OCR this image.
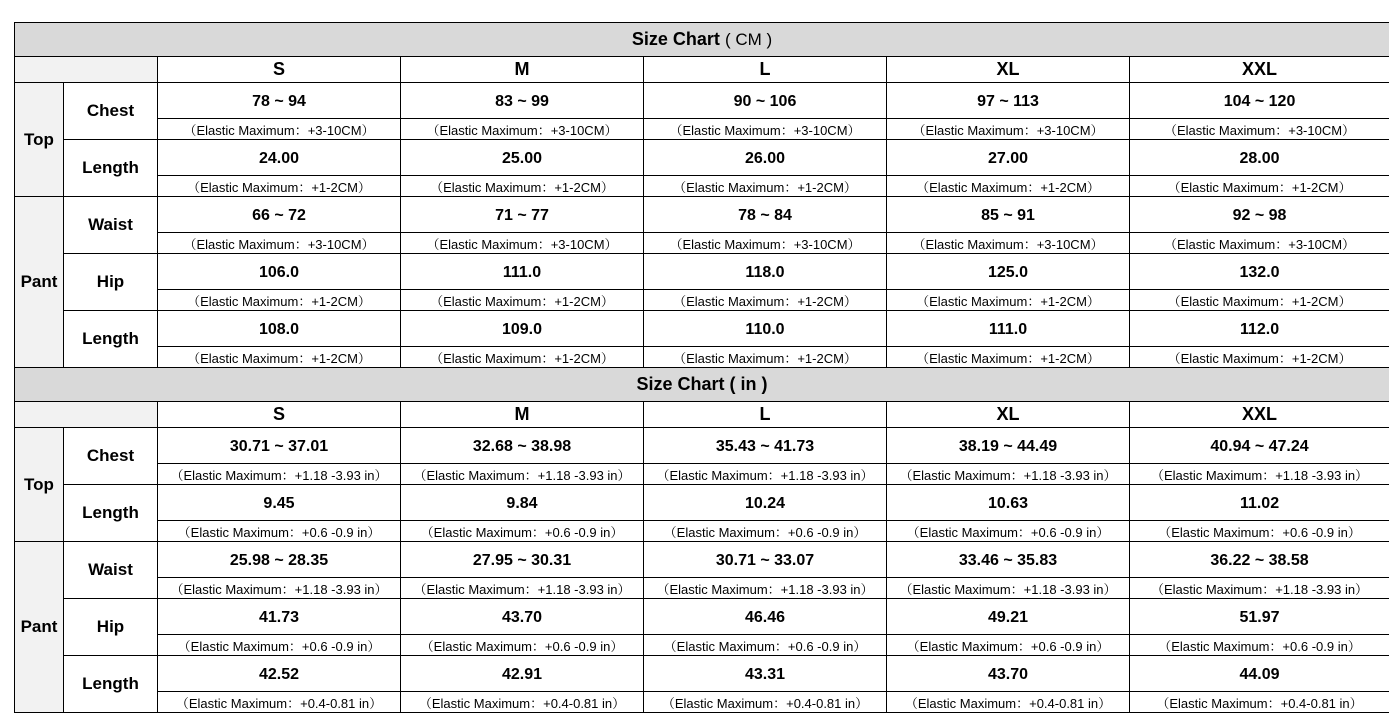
Size Chart ( CM )						
		S	M	L	XL	XXL
Top	Chest	78 ~ 94	83 ~ 99	90 ~ 106	97 ~ 113	104 ~ 120
		（Elastic Maximum：+3-10CM）	（Elastic Maximum：+3-10CM）	（Elastic Maximum：+3-10CM）	（Elastic Maximum：+3-10CM）	（Elastic Maximum：+3-10CM）
	Length	24.00	25.00	26.00	27.00	28.00
		（Elastic Maximum：+1-2CM）	（Elastic Maximum：+1-2CM）	（Elastic Maximum：+1-2CM）	（Elastic Maximum：+1-2CM）	（Elastic Maximum：+1-2CM）
Pant	Waist	66 ~ 72	71 ~ 77	78 ~ 84	85 ~ 91	92 ~ 98
		（Elastic Maximum：+3-10CM）	（Elastic Maximum：+3-10CM）	（Elastic Maximum：+3-10CM）	（Elastic Maximum：+3-10CM）	（Elastic Maximum：+3-10CM）
	Hip	106.0	111.0	118.0	125.0	132.0
		（Elastic Maximum：+1-2CM）	（Elastic Maximum：+1-2CM）	（Elastic Maximum：+1-2CM）	（Elastic Maximum：+1-2CM）	（Elastic Maximum：+1-2CM）
	Length	108.0	109.0	110.0	111.0	112.0
		（Elastic Maximum：+1-2CM）	（Elastic Maximum：+1-2CM）	（Elastic Maximum：+1-2CM）	（Elastic Maximum：+1-2CM）	（Elastic Maximum：+1-2CM）
Size Chart ( in )						
		S	M	L	XL	XXL
Top	Chest	30.71 ~ 37.01	32.68 ~ 38.98	35.43 ~ 41.73	38.19 ~ 44.49	40.94 ~ 47.24
		（Elastic Maximum：+1.18 -3.93 in）	（Elastic Maximum：+1.18 -3.93 in）	（Elastic Maximum：+1.18 -3.93 in）	（Elastic Maximum：+1.18 -3.93 in）	（Elastic Maximum：+1.18 -3.93 in）
	Length	9.45	9.84	10.24	10.63	11.02
		（Elastic Maximum：+0.6 -0.9 in）	（Elastic Maximum：+0.6 -0.9 in）	（Elastic Maximum：+0.6 -0.9 in）	（Elastic Maximum：+0.6 -0.9 in）	（Elastic Maximum：+0.6 -0.9 in）
Pant	Waist	25.98 ~ 28.35	27.95 ~ 30.31	30.71 ~ 33.07	33.46 ~ 35.83	36.22 ~ 38.58
		（Elastic Maximum：+1.18 -3.93 in）	（Elastic Maximum：+1.18 -3.93 in）	（Elastic Maximum：+1.18 -3.93 in）	（Elastic Maximum：+1.18 -3.93 in）	（Elastic Maximum：+1.18 -3.93 in）
	Hip	41.73	43.70	46.46	49.21	51.97
		（Elastic Maximum：+0.6 -0.9 in）	（Elastic Maximum：+0.6 -0.9 in）	（Elastic Maximum：+0.6 -0.9 in）	（Elastic Maximum：+0.6 -0.9 in）	（Elastic Maximum：+0.6 -0.9 in）
	Length	42.52	42.91	43.31	43.70	44.09
		（Elastic Maximum：+0.4-0.81 in）	（Elastic Maximum：+0.4-0.81 in）	（Elastic Maximum：+0.4-0.81 in）	（Elastic Maximum：+0.4-0.81 in）	（Elastic Maximum：+0.4-0.81 in）
